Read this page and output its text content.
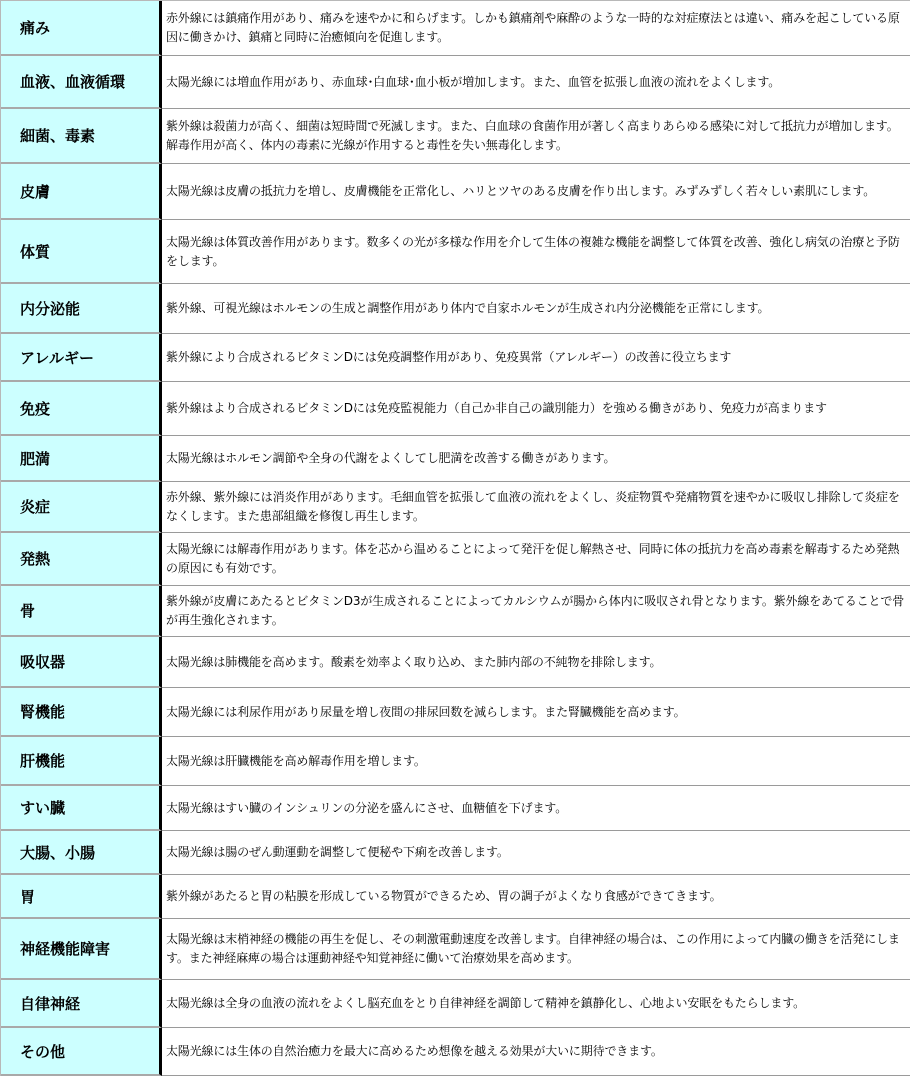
痛み	赤外線には鎮痛作用があり、痛みを速やかに和らげます。しかも鎮痛剤や麻酔のような一時的な対症療法とは違い、痛みを起こしている原因に働きかけ、鎮痛と同時に治癒傾向を促進します。
血液、血液循環	太陽光線には増血作用があり、赤血球･白血球･血小板が増加します。また、血管を拡張し血液の流れをよくします。
細菌、毒素	紫外線は殺菌力が高く、細菌は短時間で死滅します。また、白血球の食菌作用が著しく高まりあらゆる感染に対して抵抗力が増加します。解毒作用が高く、体内の毒素に光線が作用すると毒性を失い無毒化します。
皮膚	太陽光線は皮膚の抵抗力を増し、皮膚機能を正常化し、ハリとツヤのある皮膚を作り出します。みずみずしく若々しい素肌にします。
体質	太陽光線は体質改善作用があります。数多くの光が多様な作用を介して生体の複雑な機能を調整して体質を改善、強化し病気の治療と予防をします。
内分泌能	紫外線、可視光線はホルモンの生成と調整作用があり体内で自家ホルモンが生成され内分泌機能を正常にします。
アレルギー	紫外線により合成されるビタミンDには免疫調整作用があり、免疫異常（アレルギー）の改善に役立ちます
免疫	紫外線はより合成されるビタミンDには免疫監視能力（自己か非自己の識別能力）を強める働きがあり、免疫力が高まります
肥満	太陽光線はホルモン調節や全身の代謝をよくしてし肥満を改善する働きがあります。
炎症	赤外線、紫外線には消炎作用があります。毛細血管を拡張して血液の流れをよくし、炎症物質や発痛物質を速やかに吸収し排除して炎症をなくします。また患部組織を修復し再生します。
発熱	太陽光線には解毒作用があります。体を芯から温めることによって発汗を促し解熱させ、同時に体の抵抗力を高め毒素を解毒するため発熱の原因にも有効です。
骨	紫外線が皮膚にあたるとビタミンD3が生成されることによってカルシウムが腸から体内に吸収され骨となります。紫外線をあてることで骨が再生強化されます。
吸収器	太陽光線は肺機能を高めます。酸素を効率よく取り込め、また肺内部の不純物を排除します。
腎機能	太陽光線には利尿作用があり尿量を増し夜間の排尿回数を減らします。また腎臓機能を高めます。
肝機能	太陽光線は肝臓機能を高め解毒作用を増します。
すい臓	太陽光線はすい臓のインシュリンの分泌を盛んにさせ、血糖値を下げます。
大腸、小腸	太陽光線は腸のぜん動運動を調整して便秘や下痢を改善します。
胃	紫外線があたると胃の粘膜を形成している物質ができるため、胃の調子がよくなり食感ができてきます。
神経機能障害	太陽光線は末梢神経の機能の再生を促し、その刺激電動速度を改善します。自律神経の場合は、この作用によって内臓の働きを活発にします。また神経麻痺の場合は運動神経や知覚神経に働いて治療効果を高めます。
自律神経	太陽光線は全身の血液の流れをよくし脳充血をとり自律神経を調節して精神を鎮静化し、心地よい安眠をもたらします。
その他	太陽光線には生体の自然治癒力を最大に高めるため想像を越える効果が大いに期待できます。
